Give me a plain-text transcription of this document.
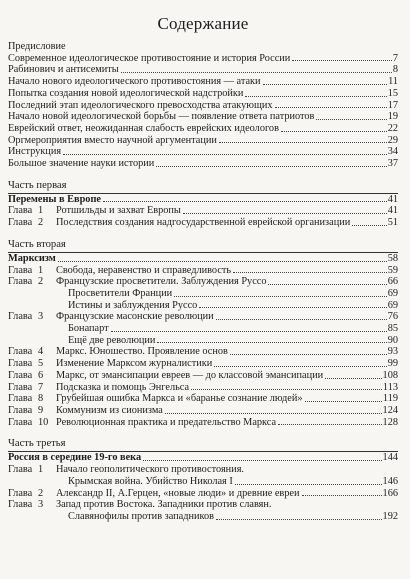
Содержание
Предисловие
Современное идеологическое противостояние и история России	7
Рабинович и антисемиты	8
Начало нового идеологического противостояния — атаки	11
Попытка создания новой идеологической надстройки	15
Последний этап идеологического превосходства атакующих	17
Начало новой идеологической борьбы — появление ответа патриотов	19
Еврейский ответ, неожиданная слабость еврейских идеологов	22
Оргмероприятия вместо научной аргументации	29
Инструкция	34
Большое значение науки истории	37
Часть первая
Перемены в Европе	41
Глава 1	Ротшильды и захват Европы	41
Глава 2	Последствия создания надгосударственной еврейской организации	51
Часть вторая
Марксизм	58
Глава 1	Свобода, неравенство и справедливость	59
Глава 2	Французские просветители. Заблуждения Руссо	66
Просветители Франции	69
Истины и заблуждения Руссо	69
Глава 3	Французские масонские революции	76
Бонапарт	85
Ещё две революции	90
Глава 4	Маркс. Юношество. Проявление основ	93
Глава 5	Изменение Марксом журналистики	99
Глава 6	Маркс, от эмансипации евреев — до классовой эмансипации	108
Глава 7	Подсказка и помощь Энгельса	113
Глава 8	Грубейшая ошибка Маркса и «баранье сознание людей»	119
Глава 9	Коммунизм из сионизма	124
Глава 10 Революционная практика и предательство Маркса	128
Часть третья
Россия в середине 19-го века	144
Глава 1	Начало геополитического противостояния.
Крымская война. Убийство Николая I	146
Глава 2	Александр II, А.Герцен, «новые люди» и древние евреи	166
Глава 3	Запад против Востока. Западники против славян.
Славянофилы против западников	192
